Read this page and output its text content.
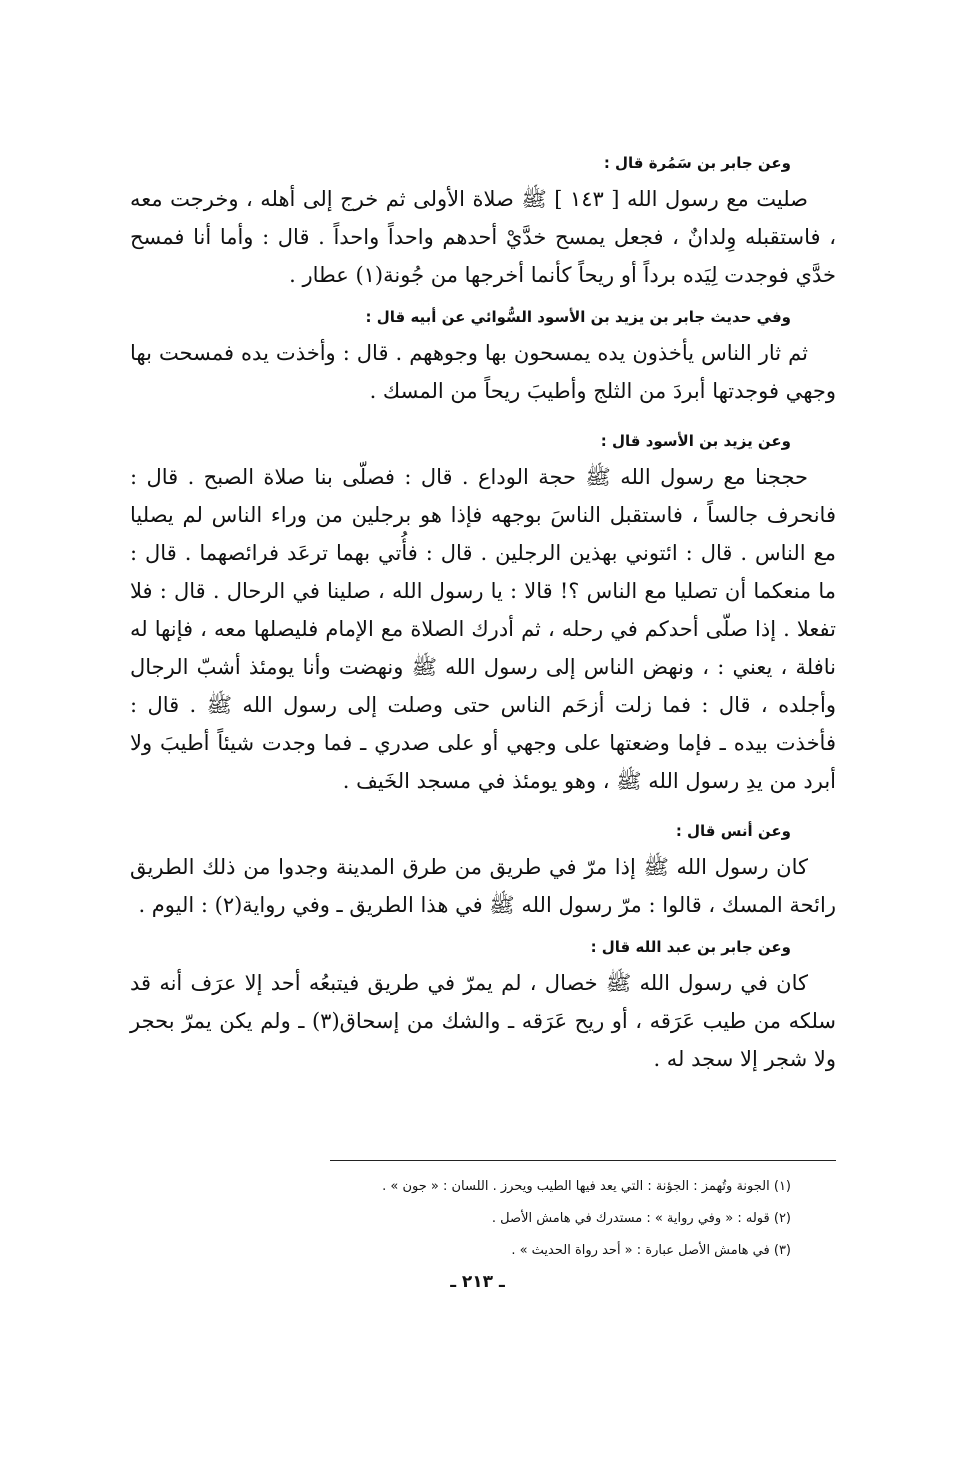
وعن جابر بن سَمُرة قال :

صليت مع رسول الله [ ١٤٣ ] ﷺ صلاة الأولى ثم خرج إلى أهله ، وخرجت معه ، فاستقبله وِلدانٌ ، فجعل يمسح خدَّيْ أحدهم واحداً واحداً . قال : وأما أنا فمسح خدَّي فوجدت لِيَده برداً أو ريحاً كأنما أخرجها من جُونة(١) عطار .

وفي حديث جابر بن يزيد بن الأسود السُّوائي عن أبيه قال :

ثم ثار الناس يأخذون يده يمسحون بها وجوههم . قال : وأخذت يده فمسحت بها وجهي فوجدتها أبردَ من الثلج وأطيبَ ريحاً من المسك .

وعن يزيد بن الأسود قال :

حججنا مع رسول الله ﷺ حجة الوداع . قال : فصلّى بنا صلاة الصبح . قال : فانحرف جالساً ، فاستقبل الناسَ بوجهه فإذا هو برجلين من وراء الناس لم يصليا مع الناس . قال : ائتوني بهذين الرجلين . قال : فأُتي بهما ترعَد فرائصهما . قال : ما منعكما أن تصليا مع الناس ؟! قالا : يا رسول الله ، صلينا في الرحال . قال : فلا تفعلا . إذا صلّى أحدكم في رحله ، ثم أدرك الصلاة مع الإمام فليصلها معه ، فإنها له نافلة ، يعني : ، ونهض الناس إلى رسول الله ﷺ ونهضت وأنا يومئذ أشبّ الرجال وأجلده ، قال : فما زلت أزحَم الناس حتى وصلت إلى رسول الله ﷺ . قال : فأخذت بيده ـ فإما وضعتها على وجهي أو على صدري ـ فما وجدت شيئاً أطيبَ ولا أبرد من يدِ رسول الله ﷺ ، وهو يومئذ في مسجد الخَيف .

وعن أنس قال :

كان رسول الله ﷺ إذا مرّ في طريق من طرق المدينة وجدوا من ذلك الطريق رائحة المسك ، قالوا : مرّ رسول الله ﷺ في هذا الطريق ـ وفي رواية(٢) : اليوم .

وعن جابر بن عبد الله قال :

كان في رسول الله ﷺ خصال ، لم يمرّ في طريق فيتبعُه أحد إلا عرَف أنه قد سلكه من طيب عَرَقه ، أو ريح عَرَقه ـ والشك من إسحاق(٣) ـ ولم يكن يمرّ بحجر ولا شجر إلا سجد له .

(١) الجونة وتُهمز : الجؤنة : التي يعد فيها الطيب ويحرز . اللسان : « جون » .

(٢) قوله : « وفي رواية » : مستدرك في هامش الأصل .

(٣) في هامش الأصل عبارة : « أحد رواة الحديث » .

ـ ٢١٣ ـ
